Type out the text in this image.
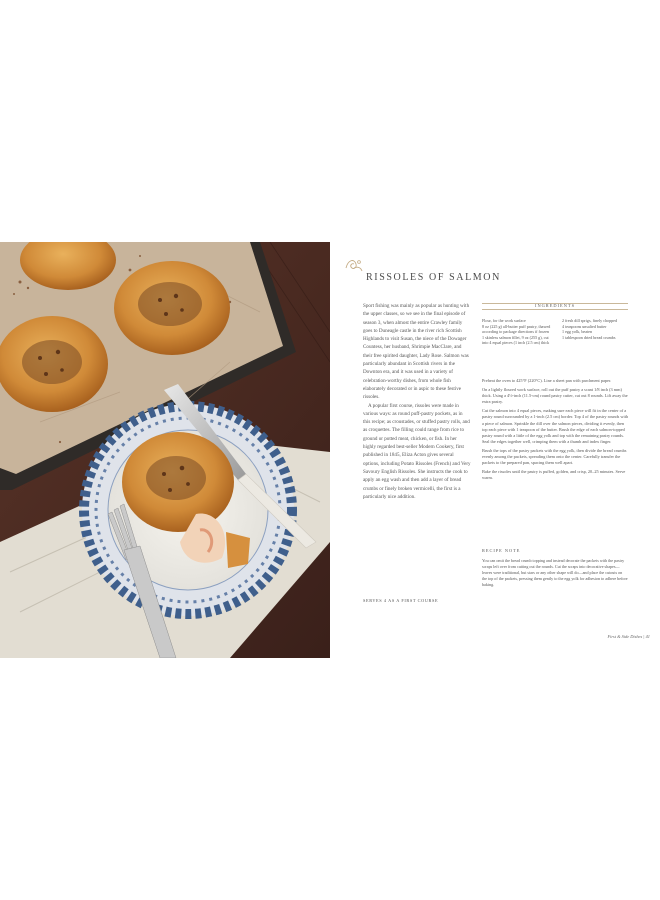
RISSOLES OF SALMON

Sport fishing was mainly as popular as hunting with the upper classes, so we see in the final episode of season 3, when almost the entire Crawley family goes to Duneagle castle in the river rich Scottish Highlands to visit Susan, the niece of the Dowager Countess, her husband, Shrimpie MacClare, and their free spirited daughter, Lady Rose. Salmon was particularly abundant in Scottish rivers in the Downton era, and it was used in a variety of celebration-worthy dishes, from whole fish elaborately decorated or in aspic to these festive rissoles.

A popular first course, rissoles were made in various ways: as round puff-pastry pockets, as in this recipe; as croustades, or stuffed pastry rolls, and as croquettes. The filling could range from rice to ground or potted meat, chicken, or fish. In her highly regarded best-seller Modern Cookery, first published in 1845, Eliza Acton gives several options, including Potato Rissoles (French) and Very Savoury English Rissoles. She instructs the cook to apply an egg wash and then add a layer of bread crumbs or finely broken vermicelli, the first is a particularly nice addition.

SERVES 4 AS A FIRST COURSE
INGREDIENTS
Flour, for the work surface
8 oz (225 g) all-butter puff pastry, thawed according to package directions if frozen
1 skinless salmon fillet, 9 oz (255 g), cut into 4 equal pieces (1 inch (2.5 cm) thick
2 fresh dill sprigs, finely chopped
4 teaspoons unsalted butter
1 egg yolk, beaten
1 tablespoon dried bread crumbs

Preheat the oven to 425°F (220°C). Line a sheet pan with parchment paper.

On a lightly floured work surface, roll out the puff pastry a scant 1/8 inch (3 mm) thick. Using a 4½-inch (11.5-cm) round pastry cutter, cut out 8 rounds. Lift away the extra pastry.

Cut the salmon into 4 equal pieces, making sure each piece will fit in the center of a pastry round surrounded by a 1-inch (2.5 cm) border. Top 4 of the pastry rounds with a piece of salmon. Sprinkle the dill over the salmon pieces, dividing it evenly, then top each piece with 1 teaspoon of the butter. Brush the edge of each salmon-topped pastry round with a little of the egg yolk and top with the remaining pastry rounds. Seal the edges together well, crimping them with a thumb and index finger.

Brush the tops of the pastry packets with the egg yolk, then divide the bread crumbs evenly among the packets, spreading them onto the center. Carefully transfer the packets to the prepared pan, spacing them well apart.

Bake the rissoles until the pastry is puffed, golden, and crisp, 20–25 minutes. Serve warm.

RECIPE NOTE
You can omit the bread crumb topping and instead decorate the packets with the pastry scraps left over from cutting out the rounds. Cut the scraps into decorative shapes—leaves were traditional, but stars or any other shape will do—and place the cutouts on the top of the packets, pressing them gently to the egg yolk for adhesion to adhere before baking.
First & Side Dishes | 41
